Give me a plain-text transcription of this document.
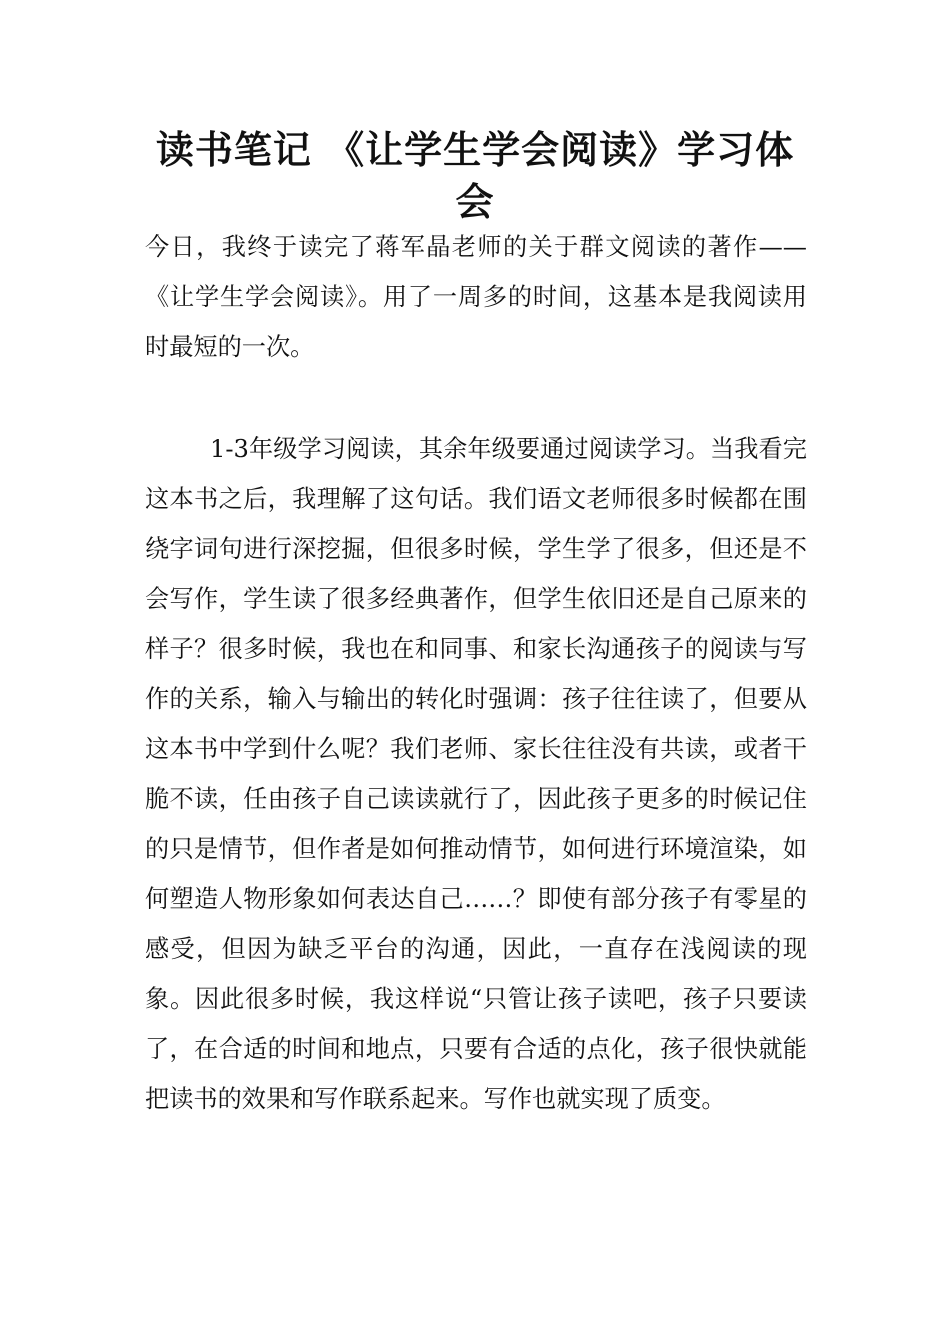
读书笔记 《让学生学会阅读》学习体会

今日，我终于读完了蒋军晶老师的关于群文阅读的著作——《让学生学会阅读》。用了一周多的时间，这基本是我阅读用时最短的一次。

1-3年级学习阅读，其余年级要通过阅读学习。当我看完这本书之后，我理解了这句话。我们语文老师很多时候都在围绕字词句进行深挖掘，但很多时候，学生学了很多，但还是不会写作，学生读了很多经典著作，但学生依旧还是自己原来的样子？很多时候，我也在和同事、和家长沟通孩子的阅读与写作的关系，输入与输出的转化时强调：孩子往往读了，但要从这本书中学到什么呢？我们老师、家长往往没有共读，或者干脆不读，任由孩子自己读读就行了，因此孩子更多的时候记住的只是情节，但作者是如何推动情节，如何进行环境渲染，如何塑造人物形象如何表达自己……？即使有部分孩子有零星的感受，但因为缺乏平台的沟通，因此，一直存在浅阅读的现象。因此很多时候，我这样说“只管让孩子读吧，孩子只要读了，在合适的时间和地点，只要有合适的点化，孩子很快就能把读书的效果和写作联系起来。写作也就实现了质变。
